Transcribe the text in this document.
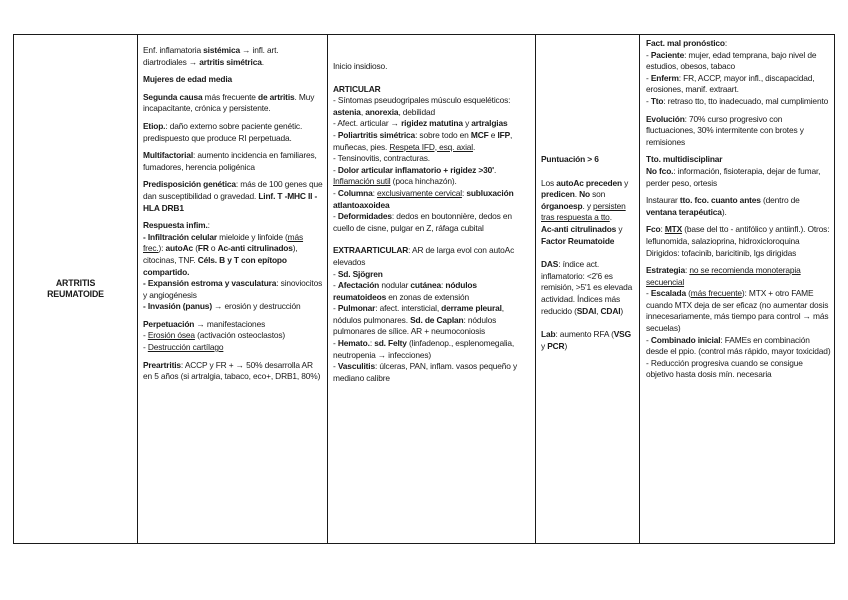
ARTRITIS REUMATOIDE

Enf. inflamatoria sistémica → infl. art. diartrodiales → artritis simétrica.

Mujeres de edad media

Segunda causa más frecuente de artritis. Muy incapacitante, crónica y persistente.

Etiop.: daño externo sobre paciente genétic. predispuesto que produce RI perpetuada.

Multifactorial: aumento incidencia en familiares, fumadores, herencia poligénica

Predisposición genética: más de 100 genes que dan susceptibilidad o gravedad. Linf. T -MHC II - HLA DRB1

Respuesta infim.:
- Infiltración celular mieloide y linfoide (más frec.): autoAc (FR o Ac-anti citrulinados), citocinas, TNF. Céls. B y T con epítopo compartido.
- Expansión estroma y vasculatura: sinoviocitos y angiogénesis
- Invasión (panus) → erosión y destrucción

Perpetuación → manifestaciones
- Erosión ósea (activación osteoclastos)
- Destrucción cartílago

Preartritis: ACCP y FR + → 50% desarrolla AR en 5 años (si artralgia, tabaco, eco+, DRB1, 80%)

Inicio insidioso.

ARTICULAR
- Síntomas pseudogripales músculo esqueléticos: astenia, anorexia, debilidad
- Afect. articular → rigidez matutina y artralgias
- Poliartritis simétrica: sobre todo en MCF e IFP, muñecas, pies. Respeta IFD, esq. axial.
- Tensinovitis, contracturas.
- Dolor articular inflamatorio + rigidez >30'. Inflamación sutil (poca hinchazón).
- Columna: exclusivamente cervical: subluxación atlantoaxoidea
- Deformidades: dedos en boutonnière, dedos en cuello de cisne, pulgar en Z, ráfaga cubital

EXTRAARTICULAR: AR de larga evol con autoAc elevados
- Sd. Sjögren
- Afectación nodular cutánea: nódulos reumatoideos en zonas de extensión
- Pulmonar: afect. intersticial, derrame pleural, nódulos pulmonares. Sd. de Caplan: nódulos pulmonares de sílice. AR + neumoconiosis
- Hemato.: sd. Felty (linfadenop., esplenomegalia, neutropenia → infecciones)
- Vasculitis: úlceras, PAN, inflam. vasos pequeño y mediano calibre

Puntuación > 6

Los autoAc preceden y predicen. No son órganoesp. y persisten tras respuesta a tto.
Ac-anti citrulinados y Factor Reumatoide

DAS: índice act. inflamatorio: <2'6 es remisión, >5'1 es elevada actividad. Índices más reducido (SDAI, CDAI)

Lab: aumento RFA (VSG y PCR)

Fact. mal pronóstico:
- Paciente: mujer, edad temprana, bajo nivel de estudios, obesos, tabaco
- Enferm: FR, ACCP, mayor infl., discapacidad, erosiones, manif. extraart.
- Tto: retraso tto, tto inadecuado, mal cumplimiento

Evolución: 70% curso progresivo con fluctuaciones, 30% intermitente con brotes y remisiones

Tto. multidisciplinar
No fco.: información, fisioterapia, dejar de fumar, perder peso, ortesis

Instaurar tto. fco. cuanto antes (dentro de ventana terapéutica).

Fco: MTX (base del tto - antifólico y antiinfl.). Otros: leflunomida, salazioprina, hidroxicloroquina
Dirigidos: tofacinib, baricitinib, lgs dirigidas

Estrategia: no se recomienda monoterapia secuencial
- Escalada (más frecuente): MTX + otro FAME cuando MTX deja de ser eficaz (no aumentar dosis innecesariamente, más tiempo para control → más secuelas)
- Combinado inicial: FAMEs en combinación desde el ppio. (control más rápido, mayor toxicidad)
- Reducción progresiva cuando se consigue objetivo hasta dosis mín. necesaria
